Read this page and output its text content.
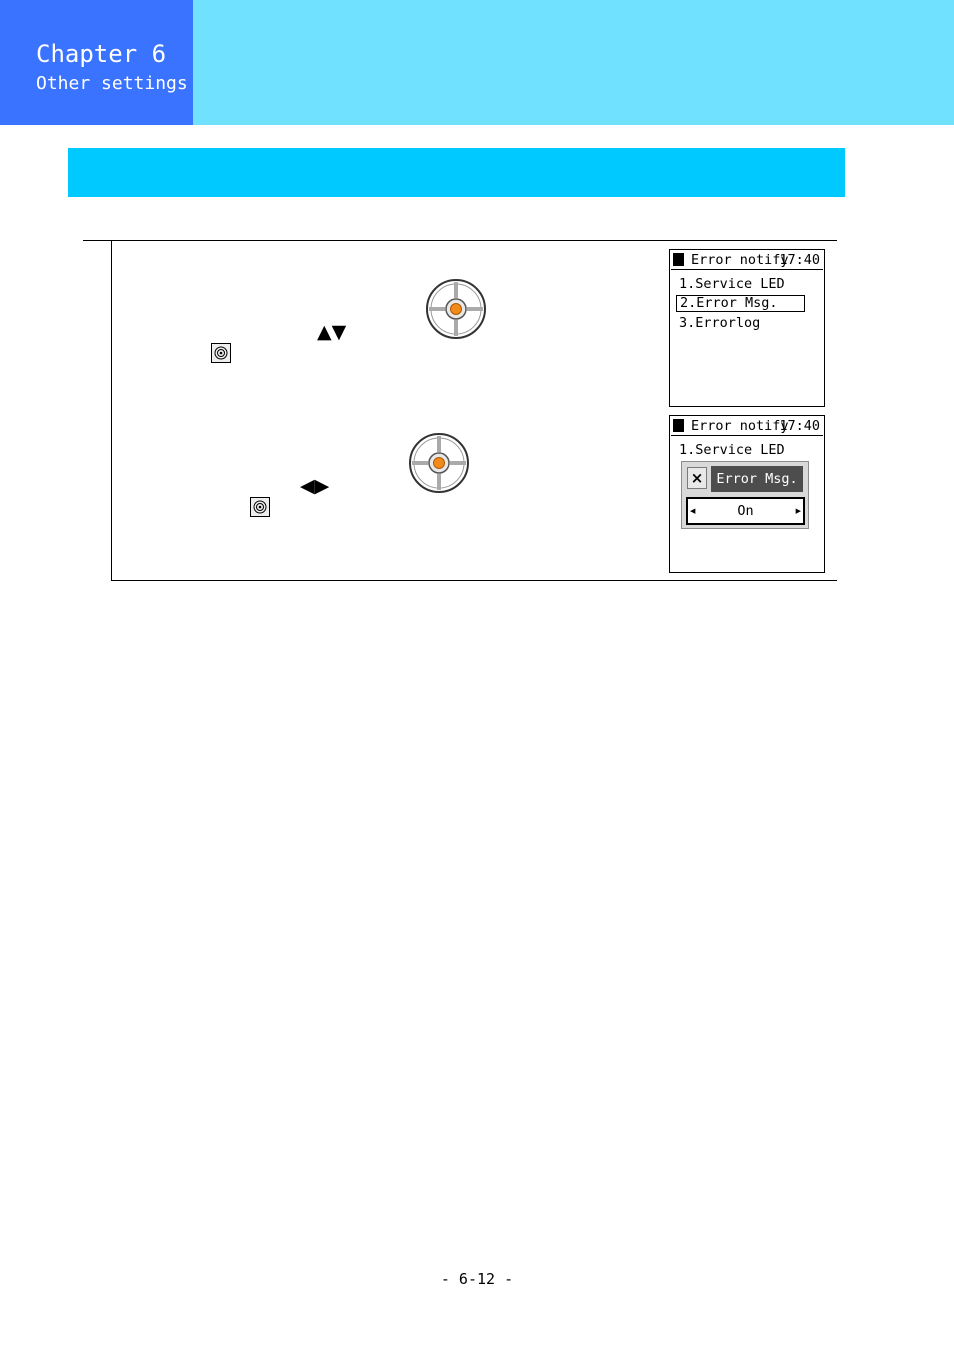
Chapter 6
Other settings
▲▼
◀▶
Error notify
17:40
1.Service LED
2.Error Msg.
3.Errorlog
Error notify
17:40
1.Service LED
× Error Msg.
◀	On	▶
- 6-12 -
